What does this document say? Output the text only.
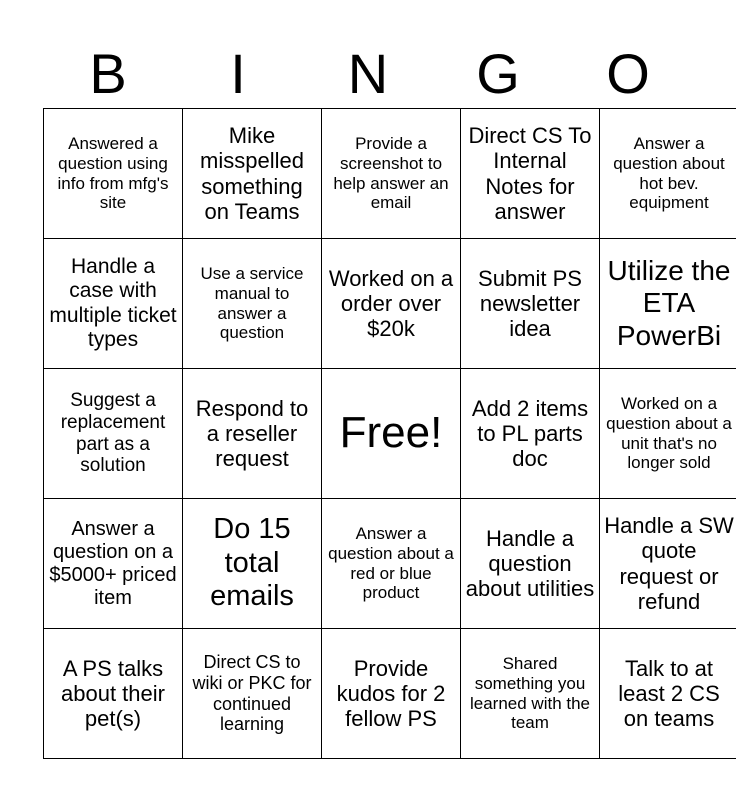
B	I	N	G	O
Answered a question using info from mfg's site	Mike misspelled something on Teams	Provide a screenshot to help answer an email	Direct CS To Internal Notes for answer	Answer a question about hot bev. equipment
Handle a case with multiple ticket types	Use a service manual to answer a question	Worked on a order over $20k	Submit PS newsletter idea	Utilize the ETA PowerBi
Suggest a replacement part as a solution	Respond to a reseller request	Free!	Add 2 items to PL parts doc	Worked on a question about a unit that's no longer sold
Answer a question on a $5000+ priced item	Do 15 total emails	Answer a question about a red or blue product	Handle a question about utilities	Handle a SW quote request or refund
A PS talks about their pet(s)	Direct CS to wiki or PKC for continued learning	Provide kudos for 2 fellow PS	Shared something you learned with the team	Talk to at least 2 CS on teams
